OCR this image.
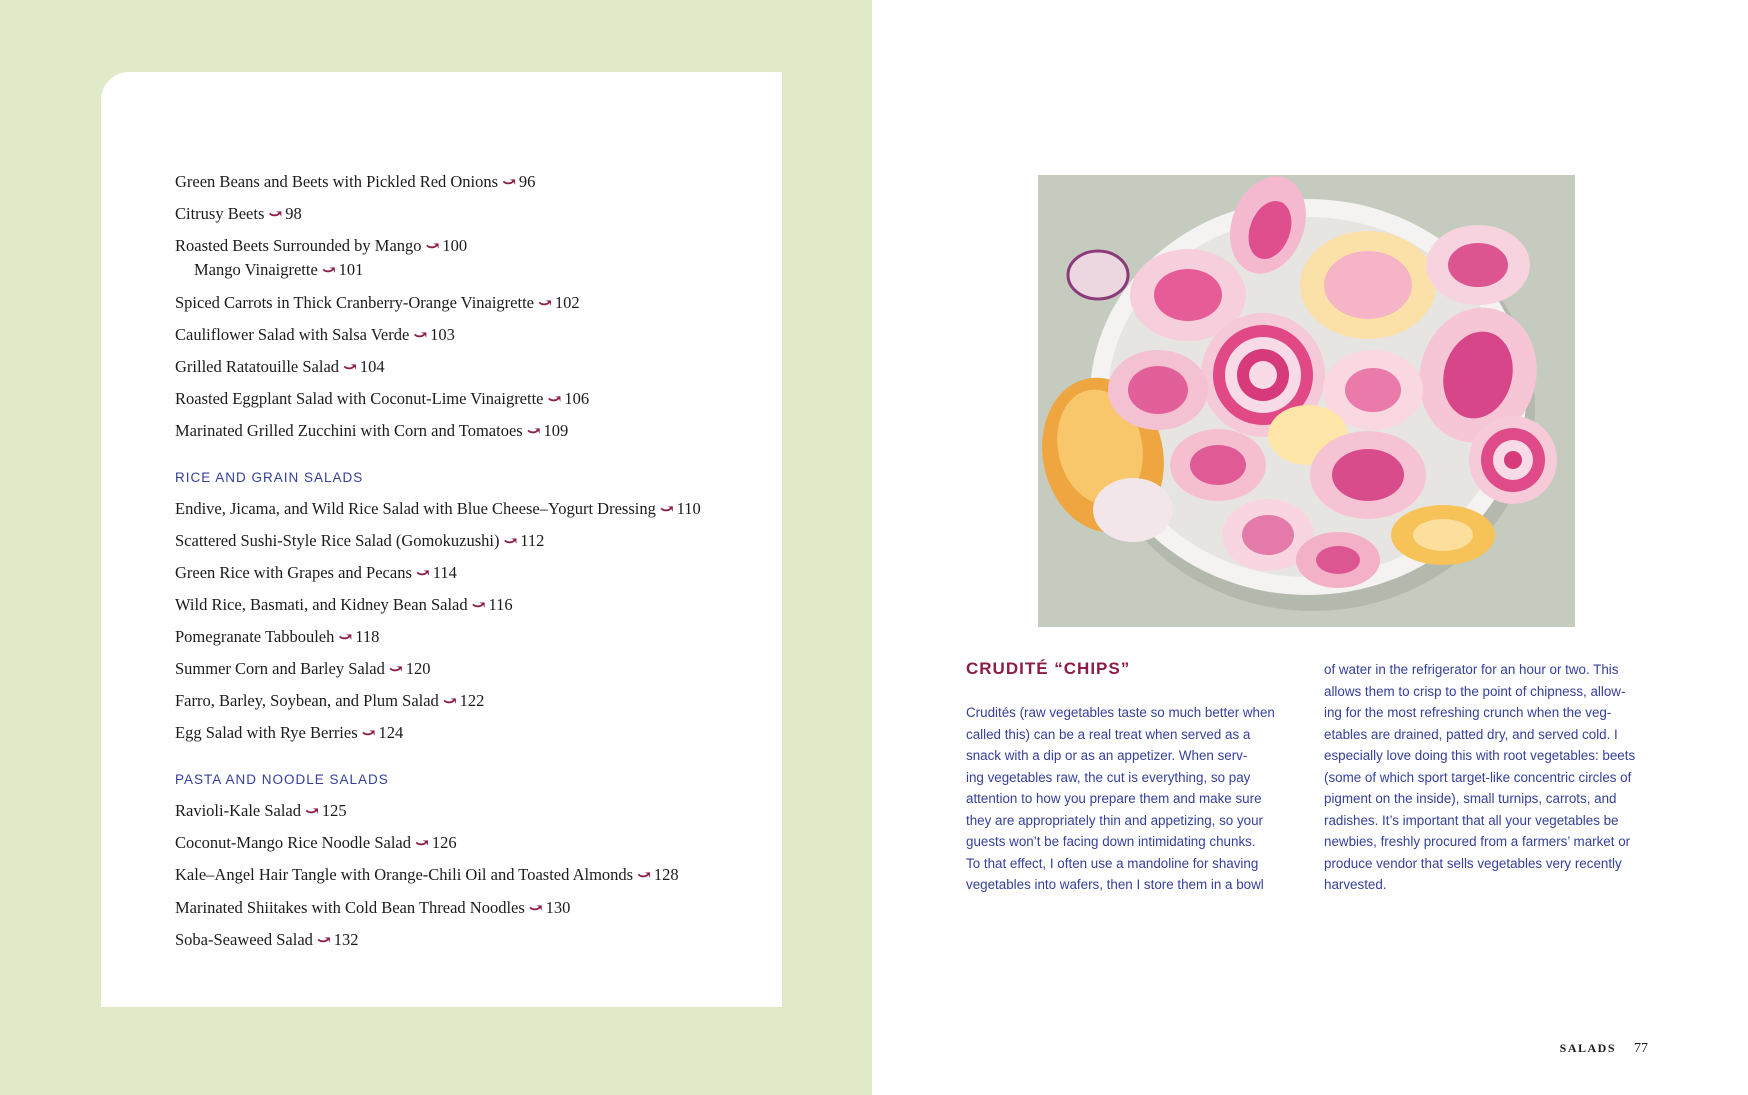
Green Beans and Beets with Pickled Red Onions ⤻ 96

Citrusy Beets ⤻ 98

Roasted Beets Surrounded by Mango ⤻ 100

Mango Vinaigrette ⤻ 101

Spiced Carrots in Thick Cranberry-Orange Vinaigrette ⤻ 102

Cauliflower Salad with Salsa Verde ⤻ 103

Grilled Ratatouille Salad ⤻ 104

Roasted Eggplant Salad with Coconut-Lime Vinaigrette ⤻ 106

Marinated Grilled Zucchini with Corn and Tomatoes ⤻ 109

RICE AND GRAIN SALADS

Endive, Jicama, and Wild Rice Salad with Blue Cheese–Yogurt Dressing ⤻ 110

Scattered Sushi-Style Rice Salad (Gomokuzushi) ⤻ 112

Green Rice with Grapes and Pecans ⤻ 114

Wild Rice, Basmati, and Kidney Bean Salad ⤻ 116

Pomegranate Tabbouleh ⤻ 118

Summer Corn and Barley Salad ⤻ 120

Farro, Barley, Soybean, and Plum Salad ⤻ 122

Egg Salad with Rye Berries ⤻ 124

PASTA AND NOODLE SALADS

Ravioli-Kale Salad ⤻ 125

Coconut-Mango Rice Noodle Salad ⤻ 126

Kale–Angel Hair Tangle with Orange-Chili Oil and Toasted Almonds ⤻ 128

Marinated Shiitakes with Cold Bean Thread Noodles ⤻ 130

Soba-Seaweed Salad ⤻ 132

CRUDITÉ “CHIPS”
Crudités (raw vegetables taste so much better when
called this) can be a real treat when served as a
snack with a dip or as an appetizer. When serv-
ing vegetables raw, the cut is everything, so pay
attention to how you prepare them and make sure
they are appropriately thin and appetizing, so your
guests won’t be facing down intimidating chunks.
To that effect, I often use a mandoline for shaving
vegetables into wafers, then I store them in a bowl
of water in the refrigerator for an hour or two. This
allows them to crisp to the point of chipness, allow-
ing for the most refreshing crunch when the veg-
etables are drained, patted dry, and served cold. I
especially love doing this with root vegetables: beets
(some of which sport target-like concentric circles of
pigment on the inside), small turnips, carrots, and
radishes. It’s important that all your vegetables be
newbies, freshly procured from a farmers’ market or
produce vendor that sells vegetables very recently
harvested.

SALADS 77
